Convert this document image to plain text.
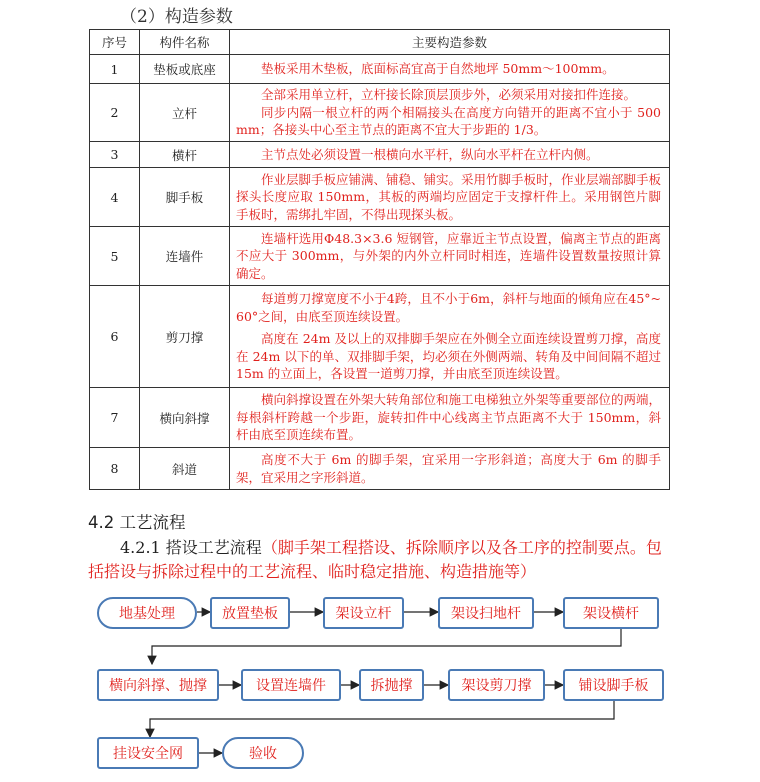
（2）构造参数
序号	构件名称	主要构造参数
1	垫板或底座	垫板采用木垫板，底面标高宜高于自然地坪 50mm～100mm。

2	立杆	全部采用单立杆，立杆接长除顶层顶步外，必须采用对接扣件连接。

同步内隔一根立杆的两个相隔接头在高度方向错开的距离不宜小于 500 mm；各接头中心至主节点的距离不宜大于步距的 1/3。

3	横杆	主节点处必须设置一根横向水平杆，纵向水平杆在立杆内侧。

4	脚手板	作业层脚手板应铺满、铺稳、铺实。采用竹脚手板时，作业层端部脚手板探头长度应取 150mm，其板的两端均应固定于支撑杆件上。采用钢笆片脚手板时，需绑扎牢固，不得出现探头板。

5	连墙件	连墙杆选用Φ48.3×3.6 短钢管，应靠近主节点设置，偏离主节点的距离不应大于 300mm，与外架的内外立杆同时相连，连墙件设置数量按照计算确定。

6	剪刀撑	每道剪刀撑宽度不小于4跨，且不小于6m，斜杆与地面的倾角应在45°~ 60°之间，由底至顶连续设置。

高度在 24m 及以上的双排脚手架应在外侧全立面连续设置剪刀撑，高度在 24m 以下的单、双排脚手架，均必须在外侧两端、转角及中间间隔不超过 15m 的立面上，各设置一道剪刀撑，并由底至顶连续设置。

7	横向斜撑	横向斜撑设置在外架大转角部位和施工电梯独立外架等重要部位的两端，每根斜杆跨越一个步距，旋转扣件中心线离主节点距离不大于 150mm，斜杆由底至顶连续布置。

8	斜道	高度不大于 6m 的脚手架，宜采用一字形斜道；高度大于 6m 的脚手架，宜采用之字形斜道。

4.2 工艺流程
4.2.1 搭设工艺流程（脚手架工程搭设、拆除顺序以及各工序的控制要点。包括搭设与拆除过程中的工艺流程、临时稳定措施、构造措施等）
地基处理	放置垫板	架设立杆	架设扫地杆	架设横杆
横向斜撑、抛撑	设置连墙件	拆抛撑	架设剪刀撑	铺设脚手板
挂设安全网	验收
